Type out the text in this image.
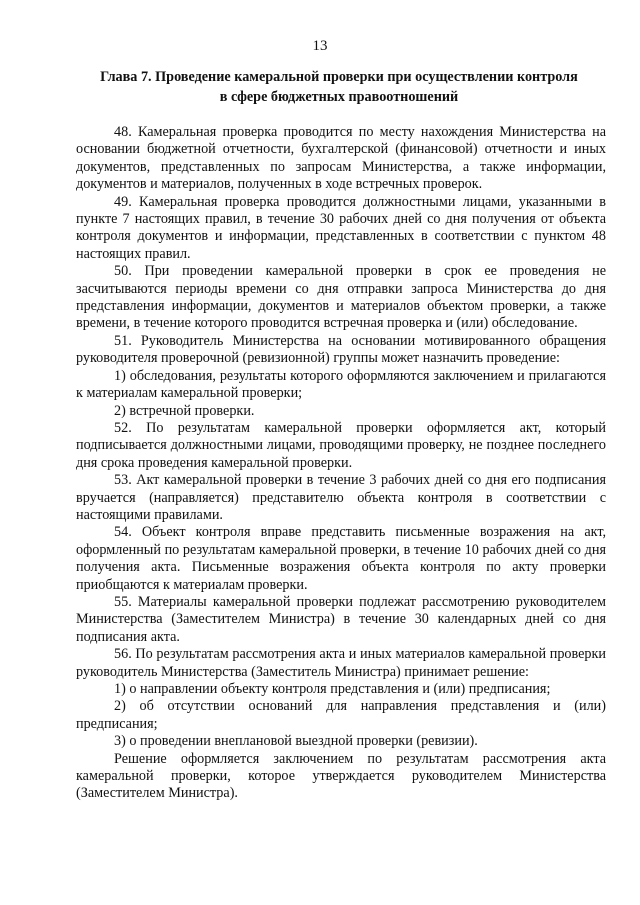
13
Глава 7. Проведение камеральной проверки при осуществлении контроля
в сфере бюджетных правоотношений

48. Камеральная проверка проводится по месту нахождения Министерства на основании бюджетной отчетности, бухгалтерской (финансовой) отчетности и иных документов, представленных по запросам Министерства, а также информации, документов и материалов, полученных в ходе встречных проверок.

49. Камеральная проверка проводится должностными лицами, указанными в пункте 7 настоящих правил, в течение 30 рабочих дней со дня получения от объекта контроля документов и информации, представленных в соответствии с пунктом 48 настоящих правил.

50. При проведении камеральной проверки в срок ее проведения не засчитываются периоды времени со дня отправки запроса Министерства до дня представления информации, документов и материалов объектом проверки, а также времени, в течение которого проводится встречная проверка и (или) обследование.

51. Руководитель Министерства на основании мотивированного обращения руководителя проверочной (ревизионной) группы может назначить проведение:

1) обследования, результаты которого оформляются заключением и прилагаются к материалам камеральной проверки;

2) встречной проверки.

52. По результатам камеральной проверки оформляется акт, который подписывается должностными лицами, проводящими проверку, не позднее последнего дня срока проведения камеральной проверки.

53. Акт камеральной проверки в течение 3 рабочих дней со дня его подписания вручается (направляется) представителю объекта контроля в соответствии с настоящими правилами.

54. Объект контроля вправе представить письменные возражения на акт, оформленный по результатам камеральной проверки, в течение 10 рабочих дней со дня получения акта. Письменные возражения объекта контроля по акту проверки приобщаются к материалам проверки.

55. Материалы камеральной проверки подлежат рассмотрению руководителем Министерства (Заместителем Министра) в течение 30 календарных дней со дня подписания акта.

56. По результатам рассмотрения акта и иных материалов камеральной проверки руководитель Министерства (Заместитель Министра) принимает решение:

1) о направлении объекту контроля представления и (или) предписания;

2) об отсутствии оснований для направления представления и (или) предписания;

3) о проведении внеплановой выездной проверки (ревизии).

Решение оформляется заключением по результатам рассмотрения акта камеральной проверки, которое утверждается руководителем Министерства (Заместителем Министра).
